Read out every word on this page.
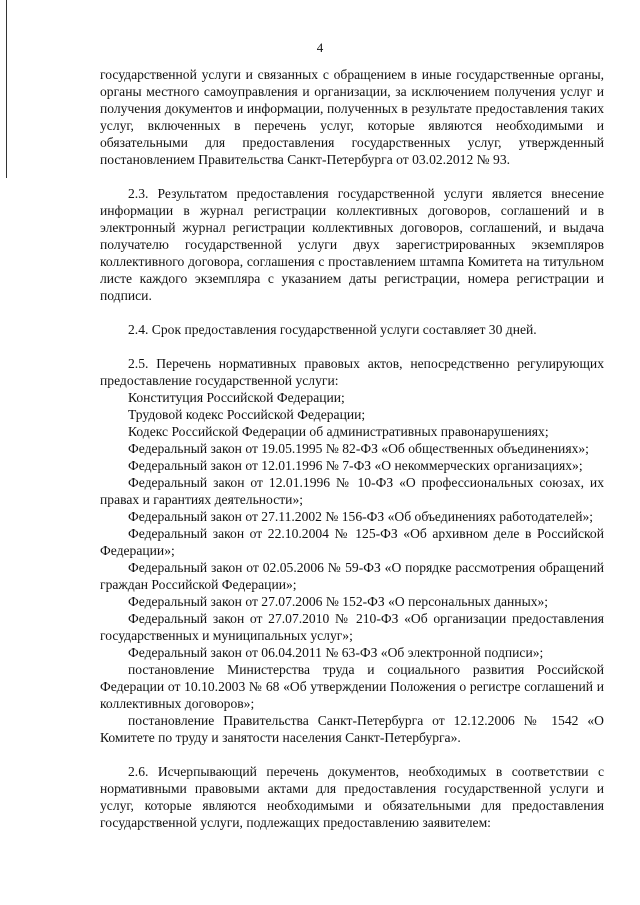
4

государственной услуги и связанных с обращением в иные государственные органы, органы местного самоуправления и организации, за исключением получения услуг и получения документов и информации, полученных в результате предоставления таких услуг, включенных в перечень услуг, которые являются необходимыми и обязательными для предоставления государственных услуг, утвержденный постановлением Правительства Санкт-Петербурга от 03.02.2012 № 93.

2.3. Результатом предоставления государственной услуги является внесение информации в журнал регистрации коллективных договоров, соглашений и в электронный журнал регистрации коллективных договоров, соглашений, и выдача получателю государственной услуги двух зарегистрированных экземпляров коллективного договора, соглашения с проставлением штампа Комитета на титульном листе каждого экземпляра с указанием даты регистрации, номера регистрации и подписи.

2.4. Срок предоставления государственной услуги составляет 30 дней.

2.5. Перечень нормативных правовых актов, непосредственно регулирующих предоставление государственной услуги:

Конституция Российской Федерации;

Трудовой кодекс Российской Федерации;

Кодекс Российской Федерации об административных правонарушениях;

Федеральный закон от 19.05.1995 № 82-ФЗ «Об общественных объединениях»;

Федеральный закон от 12.01.1996 № 7-ФЗ «О некоммерческих организациях»;

Федеральный закон от 12.01.1996 № 10-ФЗ «О профессиональных союзах, их правах и гарантиях деятельности»;

Федеральный закон от 27.11.2002 № 156-ФЗ «Об объединениях работодателей»;

Федеральный закон от 22.10.2004 № 125-ФЗ «Об архивном деле в Российской Федерации»;

Федеральный закон от 02.05.2006 № 59-ФЗ «О порядке рассмотрения обращений граждан Российской Федерации»;

Федеральный закон от 27.07.2006 № 152-ФЗ «О персональных данных»;

Федеральный закон от 27.07.2010 № 210-ФЗ «Об организации предоставления государственных и муниципальных услуг»;

Федеральный закон от 06.04.2011 № 63-ФЗ «Об электронной подписи»;

постановление Министерства труда и социального развития Российской Федерации от 10.10.2003 № 68 «Об утверждении Положения о регистре соглашений и коллективных договоров»;

постановление Правительства Санкт-Петербурга от 12.12.2006 № 1542 «О Комитете по труду и занятости населения Санкт-Петербурга».

2.6. Исчерпывающий перечень документов, необходимых в соответствии с нормативными правовыми актами для предоставления государственной услуги и услуг, которые являются необходимыми и обязательными для предоставления государственной услуги, подлежащих предоставлению заявителем:
